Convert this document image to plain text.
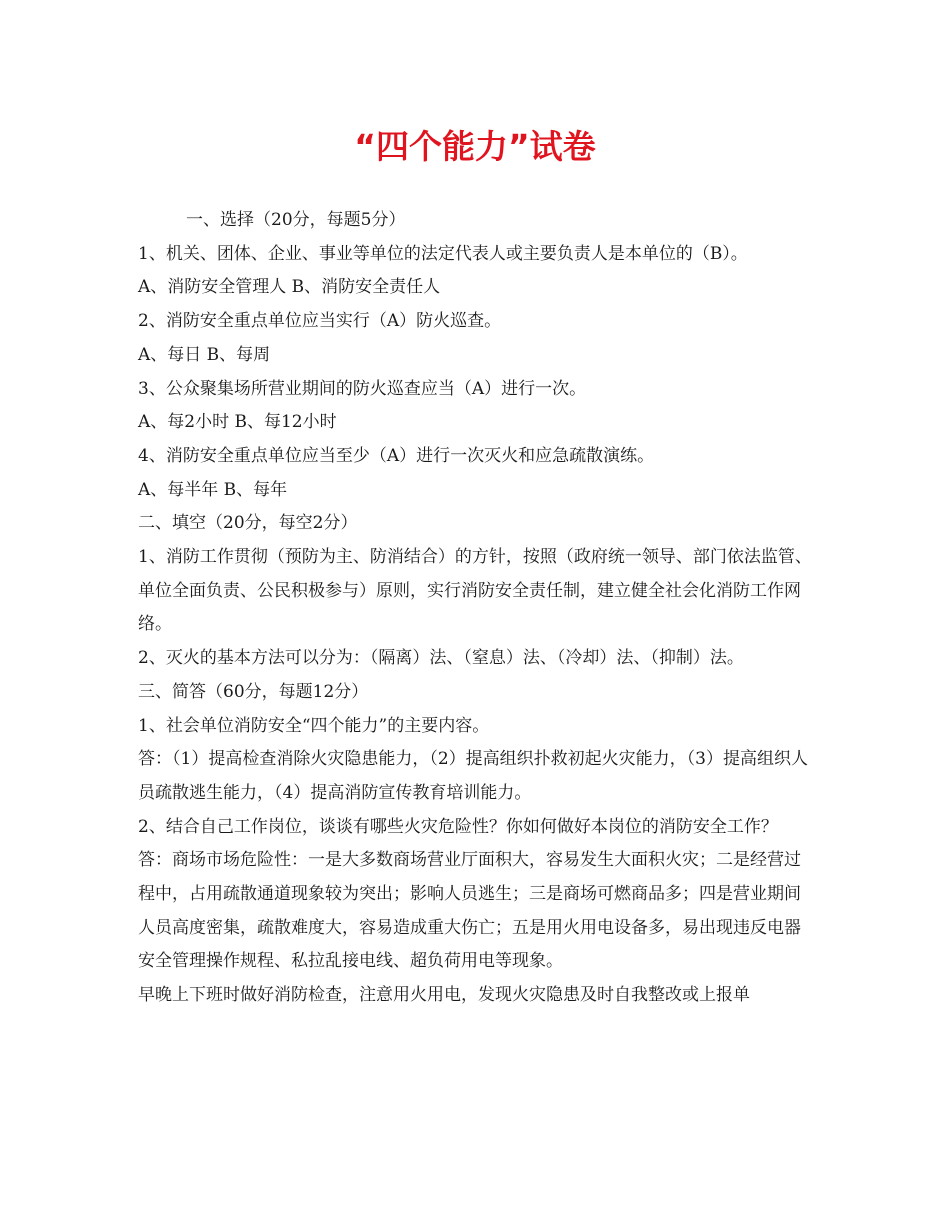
“四个能力”试卷

一、选择（20分，每题5分）

1、机关、团体、企业、事业等单位的法定代表人或主要负责人是本单位的（B）。

A、消防安全管理人 B、消防安全责任人

2、消防安全重点单位应当实行（A）防火巡查。

A、每日 B、每周

3、公众聚集场所营业期间的防火巡查应当（A）进行一次。

A、每2小时 B、每12小时

4、消防安全重点单位应当至少（A）进行一次灭火和应急疏散演练。

A、每半年 B、每年

二、填空（20分，每空2分）

1、消防工作贯彻（预防为主、防消结合）的方针，按照（政府统一领导、部门依法监管、单位全面负责、公民积极参与）原则，实行消防安全责任制，建立健全社会化消防工作网络。

2、灭火的基本方法可以分为：（隔离）法、（窒息）法、（冷却）法、（抑制）法。

三、简答（60分，每题12分）

1、社会单位消防安全“四个能力”的主要内容。

答：（1）提高检查消除火灾隐患能力，（2）提高组织扑救初起火灾能力，（3）提高组织人员疏散逃生能力，（4）提高消防宣传教育培训能力。

2、结合自己工作岗位，谈谈有哪些火灾危险性？你如何做好本岗位的消防安全工作？

答：商场市场危险性：一是大多数商场营业厅面积大，容易发生大面积火灾；二是经营过程中，占用疏散通道现象较为突出；影响人员逃生；三是商场可燃商品多；四是营业期间人员高度密集，疏散难度大，容易造成重大伤亡；五是用火用电设备多，易出现违反电器安全管理操作规程、私拉乱接电线、超负荷用电等现象。

早晚上下班时做好消防检查，注意用火用电，发现火灾隐患及时自我整改或上报单
